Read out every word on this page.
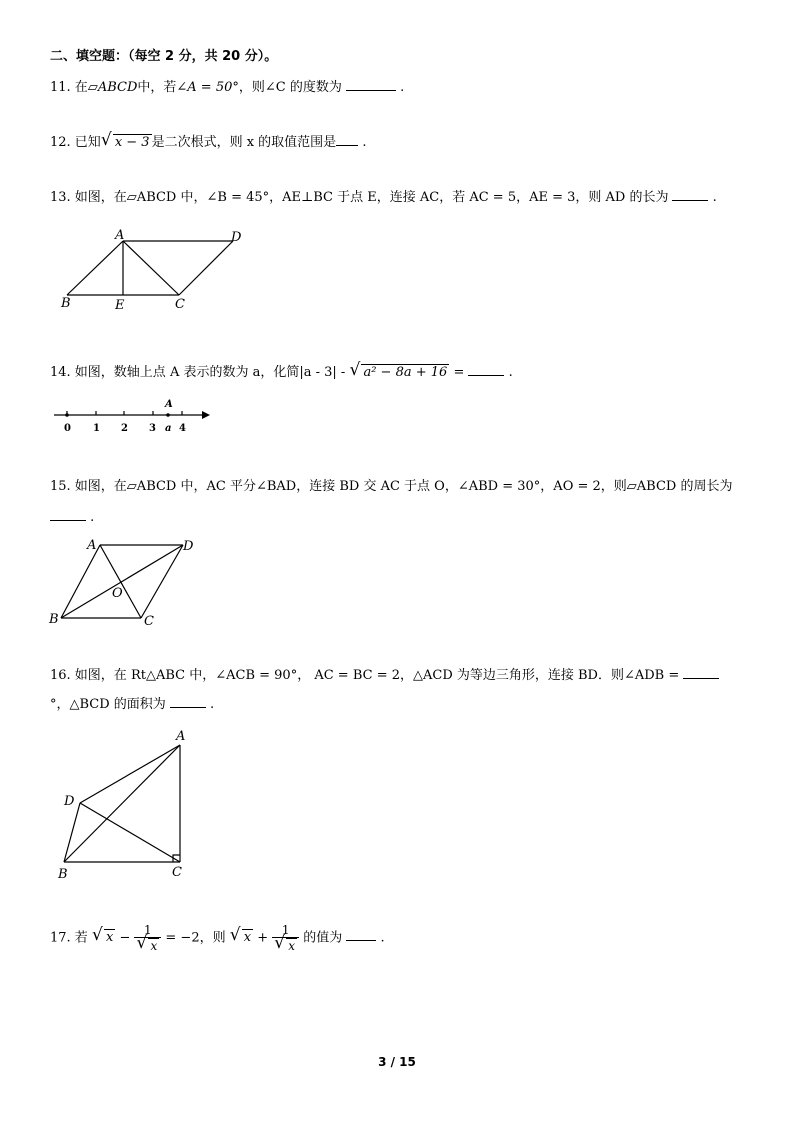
二、填空题：（每空 2 分，共 20 分）。
11. 在▱ABCD中，若∠A = 50°，则∠C 的度数为	.
12. 已知 √ x − 3 是二次根式，则 x 的取值范围是 .
13. 如图，在▱ABCD 中，∠B = 45°，AE⊥BC 于点 E，连接 AC，若 AC = 5，AE = 3，则 AD 的长为	.
A	D
B	E	C
14. 如图，数轴上点 A 表示的数为 a，化简|a - 3| - √ a² − 8a + 16 =	.
0 1 2 3 a 4
A
15. 如图，在▱ABCD 中，AC 平分∠BAD，连接 BD 交 AC 于点 O，∠ABD = 30°，AO = 2，则▱ABCD 的周长为
.
A	D
B	C
O
16. 如图，在 Rt△ABC 中，∠ACB = 90°， AC = BC = 2，△ACD 为等边三角形，连接 BD．则∠ADB =
°，△BCD 的面积为	.
A
D
B	C
17. 若 √ x − 1
√ x = −2，则 √ x + 1
√ x 的值为	.
3 / 15
